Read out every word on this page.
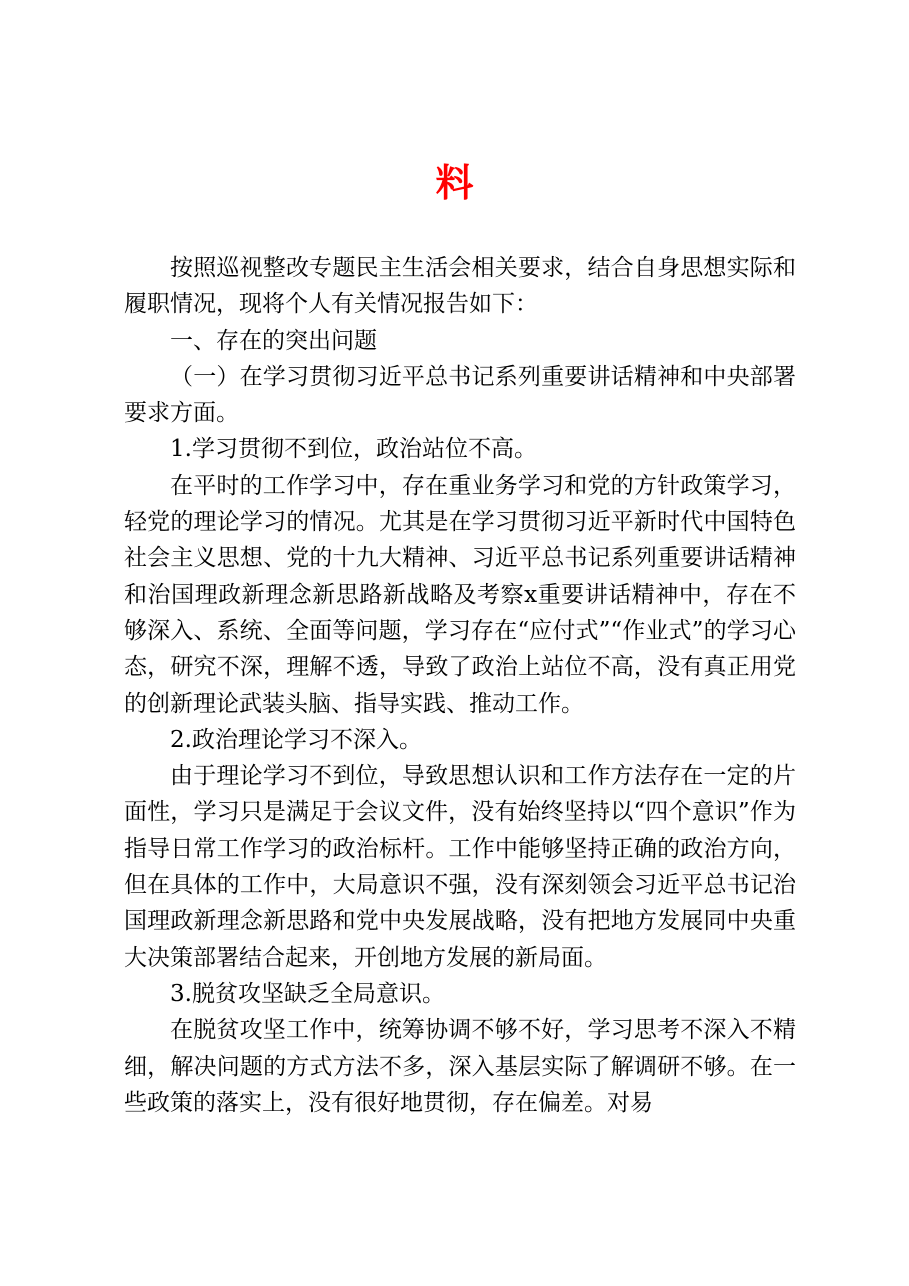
料

按照巡视整改专题民主生活会相关要求，结合自身思想实际和履职情况，现将个人有关情况报告如下：

一、存在的突出问题

（一）在学习贯彻习近平总书记系列重要讲话精神和中央部署要求方面。

1.学习贯彻不到位，政治站位不高。

在平时的工作学习中，存在重业务学习和党的方针政策学习，轻党的理论学习的情况。尤其是在学习贯彻习近平新时代中国特色社会主义思想、党的十九大精神、习近平总书记系列重要讲话精神和治国理政新理念新思路新战略及考察x重要讲话精神中，存在不够深入、系统、全面等问题，学习存在“应付式”“作业式”的学习心态，研究不深，理解不透，导致了政治上站位不高，没有真正用党的创新理论武装头脑、指导实践、推动工作。

2.政治理论学习不深入。

由于理论学习不到位，导致思想认识和工作方法存在一定的片面性，学习只是满足于会议文件，没有始终坚持以“四个意识”作为指导日常工作学习的政治标杆。工作中能够坚持正确的政治方向，但在具体的工作中，大局意识不强，没有深刻领会习近平总书记治国理政新理念新思路和党中央发展战略，没有把地方发展同中央重大决策部署结合起来，开创地方发展的新局面。

3.脱贫攻坚缺乏全局意识。

在脱贫攻坚工作中，统筹协调不够不好，学习思考不深入不精细，解决问题的方式方法不多，深入基层实际了解调研不够。在一些政策的落实上，没有很好地贯彻，存在偏差。对易
